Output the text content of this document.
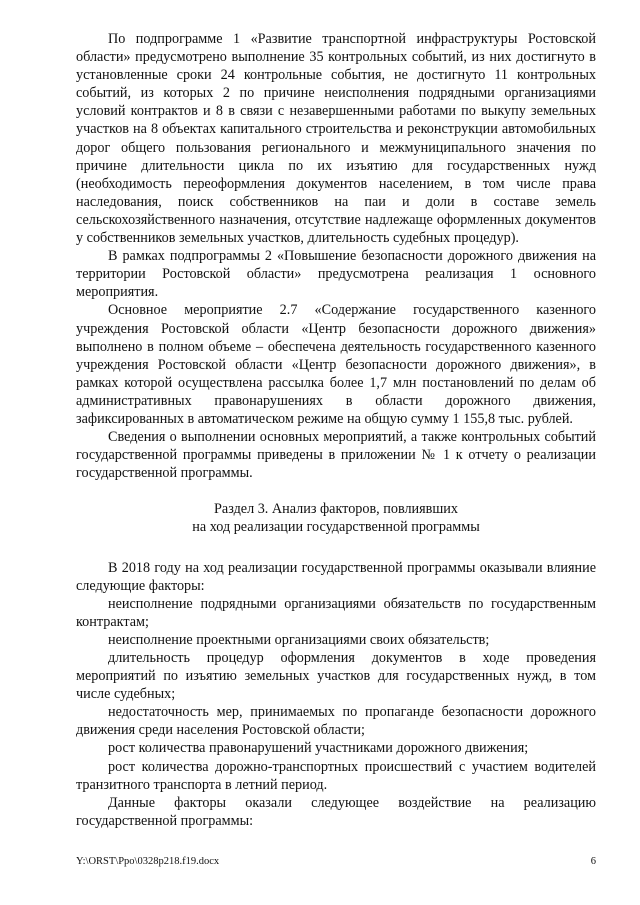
По подпрограмме 1 «Развитие транспортной инфраструктуры Ростовской области» предусмотрено выполнение 35 контрольных событий, из них достигнуто в установленные сроки 24 контрольные события, не достигнуто 11 контрольных событий, из которых 2 по причине неисполнения подрядными организациями условий контрактов и 8 в связи с незавершенными работами по выкупу земельных участков на 8 объектах капитального строительства и реконструкции автомобильных дорог общего пользования регионального и межмуниципального значения по причине длительности цикла по их изъятию для государственных нужд (необходимость переоформления документов населением, в том числе права наследования, поиск собственников на паи и доли в составе земель сельскохозяйственного назначения, отсутствие надлежаще оформленных документов у собственников земельных участков, длительность судебных процедур).

В рамках подпрограммы 2 «Повышение безопасности дорожного движения на территории Ростовской области» предусмотрена реализация 1 основного мероприятия.

Основное мероприятие 2.7 «Содержание государственного казенного учреждения Ростовской области «Центр безопасности дорожного движения» выполнено в полном объеме – обеспечена деятельность государственного казенного учреждения Ростовской области «Центр безопасности дорожного движения», в рамках которой осуществлена рассылка более 1,7 млн постановлений по делам об административных правонарушениях в области дорожного движения, зафиксированных в автоматическом режиме на общую сумму 1 155,8 тыс. рублей.

Сведения о выполнении основных мероприятий, а также контрольных событий государственной программы приведены в приложении № 1 к отчету о реализации государственной программы.

Раздел 3. Анализ факторов, повлиявших

на ход реализации государственной программы

В 2018 году на ход реализации государственной программы оказывали влияние следующие факторы:

неисполнение подрядными организациями обязательств по государственным контрактам;

неисполнение проектными организациями своих обязательств;

длительность процедур оформления документов в ходе проведения мероприятий по изъятию земельных участков для государственных нужд, в том числе судебных;

недостаточность мер, принимаемых по пропаганде безопасности дорожного движения среди населения Ростовской области;

рост количества правонарушений участниками дорожного движения;

рост количества дорожно-транспортных происшествий с участием водителей транзитного транспорта в летний период.

Данные факторы оказали следующее воздействие на реализацию государственной программы:

Y:\ORST\Ppo\0328p218.f19.docx	6
